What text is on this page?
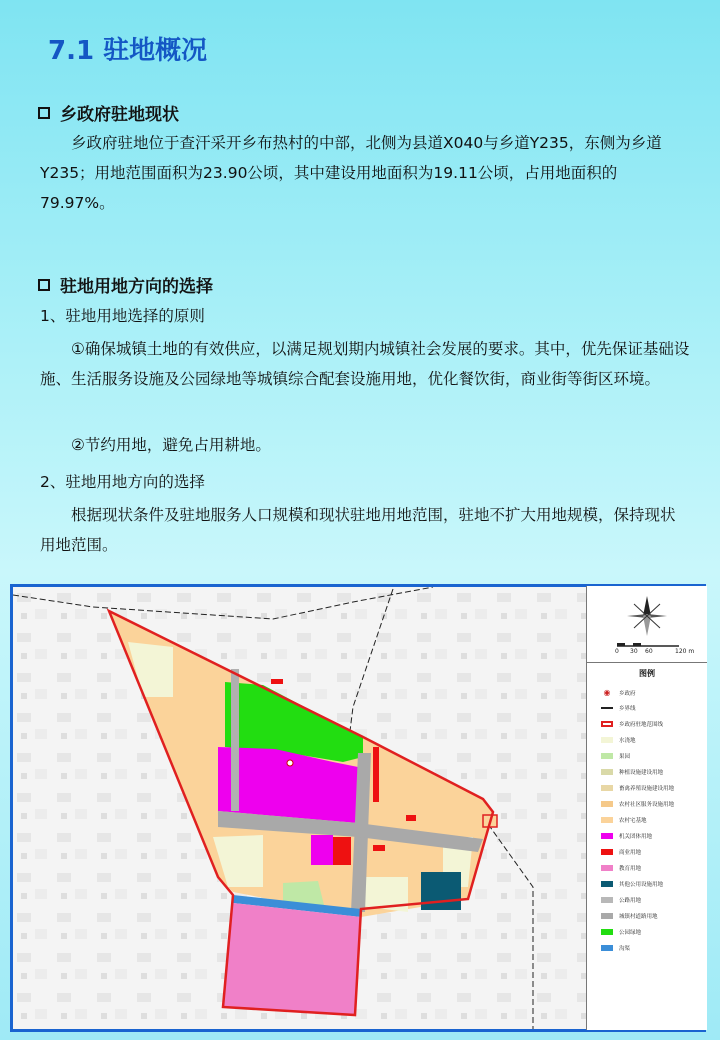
7.1 驻地概况
乡政府驻地现状

乡政府驻地位于查汗采开乡布热村的中部，北侧为县道X040与乡道Y235，东侧为乡道Y235；用地范围面积为23.90公顷，其中建设用地面积为19.11公顷，占用地面积的79.97%。

驻地用地方向的选择
1、驻地用地选择的原则

①确保城镇土地的有效供应，以满足规划期内城镇社会发展的要求。其中，优先保证基础设施、生活服务设施及公园绿地等城镇综合配套设施用地，优化餐饮街，商业街等街区环境。

②节约用地，避免占用耕地。

2、驻地用地方向的选择

根据现状条件及驻地服务人口规模和现状驻地用地范围，驻地不扩大用地规模，保持现状用地范围。

0 30 60	120 m
图例
◉	乡政府
乡界线
乡政府驻地范围线
水浇地
果园
种植设施建设用地
畜禽养殖设施建设用地
农村社区服务设施用地
农村宅基地
机关团体用地
商业用地
教育用地
其他公用设施用地
公路用地
城镇村道路用地
公园绿地
沟渠
